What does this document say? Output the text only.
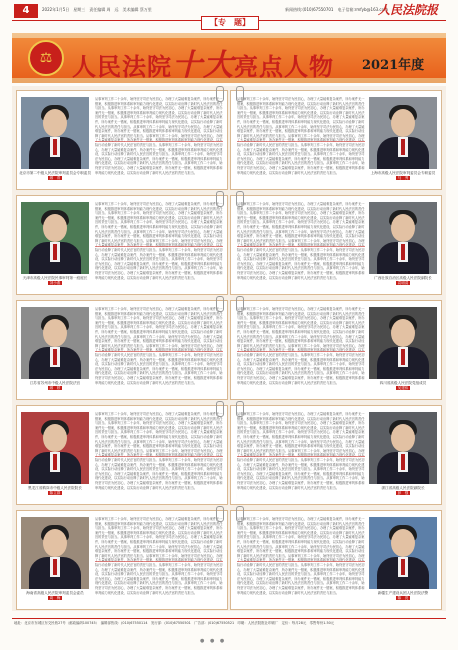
4	2022年1月5日　星期三　责任编辑 周　远　美术编辑 蔡万里	新闻热线:(010)67550701　电子信箱:rmfyb@163.com
人民法院报
【专　题】
⚖ 人民法院十大亮点人物 2021年度
地址：北京市东城区东交民巷27号（邮政编码100745）　编辑部热线：(010)67550114　发行部：(010)67550501　广告部：(010)67550521　印刷：人民法院报社印刷厂　定价：每月28元　零售每份1.50元
● ● ●
北京市第二中级人民法院审判委员会专职委员
顾　青
从事审判工作二十余年，始终坚守司法为民初心，办理了大量疑难复杂案件，所办案件无一错案，积极推进审判体系和审判能力现代化建设，以实际行动诠释了新时代人民法官的责任与担当。从事审判工作二十余年，始终坚守司法为民初心，办理了大量疑难复杂案件，所办案件无一错案，积极推进审判体系和审判能力现代化建设，以实际行动诠释了新时代人民法官的责任与担当。从事审判工作二十余年，始终坚守司法为民初心，办理了大量疑难复杂案件，所办案件无一错案，积极推进审判体系和审判能力现代化建设，以实际行动诠释了新时代人民法官的责任与担当。从事审判工作二十余年，始终坚守司法为民初心，办理了大量疑难复杂案件，所办案件无一错案，积极推进审判体系和审判能力现代化建设，以实际行动诠释了新时代人民法官的责任与担当。从事审判工作二十余年，始终坚守司法为民初心，办理 际行动诠释了新时代人民法官的责任与担当。从事审判工作二十余年，始终坚守司法为民初心，办理了大量疑难复杂案件，所办案件无一错案，积极推进审判体系和审判能力现代化建设，以实际行动诠释了新时代人民法官的责任与担当。从事审判工作二十余年，始终坚守司法为民初心，办理了大量疑难复杂案件，所办案件无一错案，积极推进审判体系和审判能力现代化建设，以实际行动诠释了新时代人民法官的责任与担当。从事审判工作二十余年，始终坚守司法为民初心，办理了大量疑难复杂案件，所办案件无一错案，积极推进审判体系和审判能力现代化建设，以实际行动诠释了新时代人民法官的责任与担当。	上海市高级人民法院审判委员会专职委员
马　秀
从事审判工作二十余年，始终坚守司法为民初心，办理了大量疑难复杂案件，所办案件无一错案，积极推进审判体系和审判能力现代化建设，以实际行动诠释了新时代人民法官的责任与担当。从事审判工作二十余年，始终坚守司法为民初心，办理了大量疑难复杂案件，所办案件无一错案，积极推进审判体系和审判能力现代化建设，以实际行动诠释了新时代人民法官的责任与担当。从事审判工作二十余年，始终坚守司法为民初心，办理了大量疑难复杂案件，所办案件无一错案，积极推进审判体系和审判能力现代化建设，以实际行动诠释了新时代人民法官的责任与担当。从事审判工作二十余年，始终坚守司法为民初心，办理了大量疑难复杂案件，所办案件无一错案，积极推进审判体系和审判能力现代化建设，以实际行动诠释了新时代人民法官的责任与担当。从事审判工作二十余年，始终坚守司法为民初心，办理 际行动诠释了新时代人民法官的责任与担当。从事审判工作二十余年，始终坚守司法为民初心，办理了大量疑难复杂案件，所办案件无一错案，积极推进审判体系和审判能力现代化建设，以实际行动诠释了新时代人民法官的责任与担当。从事审判工作二十余年，始终坚守司法为民初心，办理了大量疑难复杂案件，所办案件无一错案，积极推进审判体系和审判能力现代化建设，以实际行动诠释了新时代人民法官的责任与担当。从事审判工作二十余年，始终坚守司法为民初心，办理了大量疑难复杂案件，所办案件无一错案，积极推进审判体系和审判能力现代化建设，以实际行动诠释了新时代人民法官的责任与担当。
天津市高级人民法院民事审判第一庭庭长
刘小燕
从事审判工作二十余年，始终坚守司法为民初心，办理了大量疑难复杂案件，所办案件无一错案，积极推进审判体系和审判能力现代化建设，以实际行动诠释了新时代人民法官的责任与担当。从事审判工作二十余年，始终坚守司法为民初心，办理了大量疑难复杂案件，所办案件无一错案，积极推进审判体系和审判能力现代化建设，以实际行动诠释了新时代人民法官的责任与担当。从事审判工作二十余年，始终坚守司法为民初心，办理了大量疑难复杂案件，所办案件无一错案，积极推进审判体系和审判能力现代化建设，以实际行动诠释了新时代人民法官的责任与担当。从事审判工作二十余年，始终坚守司法为民初心，办理了大量疑难复杂案件，所办案件无一错案，积极推进审判体系和审判能力现代化建设，以实际行动诠释了新时代人民法官的责任与担当。从事审判工作二十余年，始终坚守司法为民初心，办理 际行动诠释了新时代人民法官的责任与担当。从事审判工作二十余年，始终坚守司法为民初心，办理了大量疑难复杂案件，所办案件无一错案，积极推进审判体系和审判能力现代化建设，以实际行动诠释了新时代人民法官的责任与担当。从事审判工作二十余年，始终坚守司法为民初心，办理了大量疑难复杂案件，所办案件无一错案，积极推进审判体系和审判能力现代化建设，以实际行动诠释了新时代人民法官的责任与担当。从事审判工作二十余年，始终坚守司法为民初心，办理了大量疑难复杂案件，所办案件无一错案，积极推进审判体系和审判能力现代化建设，以实际行动诠释了新时代人民法官的责任与担当。	广西壮族自治区高级人民法院副院长
袁明清
从事审判工作二十余年，始终坚守司法为民初心，办理了大量疑难复杂案件，所办案件无一错案，积极推进审判体系和审判能力现代化建设，以实际行动诠释了新时代人民法官的责任与担当。从事审判工作二十余年，始终坚守司法为民初心，办理了大量疑难复杂案件，所办案件无一错案，积极推进审判体系和审判能力现代化建设，以实际行动诠释了新时代人民法官的责任与担当。从事审判工作二十余年，始终坚守司法为民初心，办理了大量疑难复杂案件，所办案件无一错案，积极推进审判体系和审判能力现代化建设，以实际行动诠释了新时代人民法官的责任与担当。从事审判工作二十余年，始终坚守司法为民初心，办理了大量疑难复杂案件，所办案件无一错案，积极推进审判体系和审判能力现代化建设，以实际行动诠释了新时代人民法官的责任与担当。从事审判工作二十余年，始终坚守司法为民初心，办理 际行动诠释了新时代人民法官的责任与担当。从事审判工作二十余年，始终坚守司法为民初心，办理了大量疑难复杂案件，所办案件无一错案，积极推进审判体系和审判能力现代化建设，以实际行动诠释了新时代人民法官的责任与担当。从事审判工作二十余年，始终坚守司法为民初心，办理了大量疑难复杂案件，所办案件无一错案，积极推进审判体系和审判能力现代化建设，以实际行动诠释了新时代人民法官的责任与担当。从事审判工作二十余年，始终坚守司法为民初心，办理了大量疑难复杂案件，所办案件无一错案，积极推进审判体系和审判能力现代化建设，以实际行动诠释了新时代人民法官的责任与担当。
江苏省苏州市中级人民法院法官
顾　婷
从事审判工作二十余年，始终坚守司法为民初心，办理了大量疑难复杂案件，所办案件无一错案，积极推进审判体系和审判能力现代化建设，以实际行动诠释了新时代人民法官的责任与担当。从事审判工作二十余年，始终坚守司法为民初心，办理了大量疑难复杂案件，所办案件无一错案，积极推进审判体系和审判能力现代化建设，以实际行动诠释了新时代人民法官的责任与担当。从事审判工作二十余年，始终坚守司法为民初心，办理了大量疑难复杂案件，所办案件无一错案，积极推进审判体系和审判能力现代化建设，以实际行动诠释了新时代人民法官的责任与担当。从事审判工作二十余年，始终坚守司法为民初心，办理了大量疑难复杂案件，所办案件无一错案，积极推进审判体系和审判能力现代化建设，以实际行动诠释了新时代人民法官的责任与担当。从事审判工作二十余年，始终坚守司法为民初心，办理 际行动诠释了新时代人民法官的责任与担当。从事审判工作二十余年，始终坚守司法为民初心，办理了大量疑难复杂案件，所办案件无一错案，积极推进审判体系和审判能力现代化建设，以实际行动诠释了新时代人民法官的责任与担当。从事审判工作二十余年，始终坚守司法为民初心，办理了大量疑难复杂案件，所办案件无一错案，积极推进审判体系和审判能力现代化建设，以实际行动诠释了新时代人民法官的责任与担当。从事审判工作二十余年，始终坚守司法为民初心，办理了大量疑难复杂案件，所办案件无一错案，积极推进审判体系和审判能力现代化建设，以实际行动诠释了新时代人民法官的责任与担当。	四川省高级人民法院党组成员
吴建伟
从事审判工作二十余年，始终坚守司法为民初心，办理了大量疑难复杂案件，所办案件无一错案，积极推进审判体系和审判能力现代化建设，以实际行动诠释了新时代人民法官的责任与担当。从事审判工作二十余年，始终坚守司法为民初心，办理了大量疑难复杂案件，所办案件无一错案，积极推进审判体系和审判能力现代化建设，以实际行动诠释了新时代人民法官的责任与担当。从事审判工作二十余年，始终坚守司法为民初心，办理了大量疑难复杂案件，所办案件无一错案，积极推进审判体系和审判能力现代化建设，以实际行动诠释了新时代人民法官的责任与担当。从事审判工作二十余年，始终坚守司法为民初心，办理了大量疑难复杂案件，所办案件无一错案，积极推进审判体系和审判能力现代化建设，以实际行动诠释了新时代人民法官的责任与担当。从事审判工作二十余年，始终坚守司法为民初心，办理 际行动诠释了新时代人民法官的责任与担当。从事审判工作二十余年，始终坚守司法为民初心，办理了大量疑难复杂案件，所办案件无一错案，积极推进审判体系和审判能力现代化建设，以实际行动诠释了新时代人民法官的责任与担当。从事审判工作二十余年，始终坚守司法为民初心，办理了大量疑难复杂案件，所办案件无一错案，积极推进审判体系和审判能力现代化建设，以实际行动诠释了新时代人民法官的责任与担当。从事审判工作二十余年，始终坚守司法为民初心，办理了大量疑难复杂案件，所办案件无一错案，积极推进审判体系和审判能力现代化建设，以实际行动诠释了新时代人民法官的责任与担当。
黑龙江省鹤岗市中级人民法院院长
陈立群
从事审判工作二十余年，始终坚守司法为民初心，办理了大量疑难复杂案件，所办案件无一错案，积极推进审判体系和审判能力现代化建设，以实际行动诠释了新时代人民法官的责任与担当。从事审判工作二十余年，始终坚守司法为民初心，办理了大量疑难复杂案件，所办案件无一错案，积极推进审判体系和审判能力现代化建设，以实际行动诠释了新时代人民法官的责任与担当。从事审判工作二十余年，始终坚守司法为民初心，办理了大量疑难复杂案件，所办案件无一错案，积极推进审判体系和审判能力现代化建设，以实际行动诠释了新时代人民法官的责任与担当。从事审判工作二十余年，始终坚守司法为民初心，办理了大量疑难复杂案件，所办案件无一错案，积极推进审判体系和审判能力现代化建设，以实际行动诠释了新时代人民法官的责任与担当。从事审判工作二十余年，始终坚守司法为民初心，办理 际行动诠释了新时代人民法官的责任与担当。从事审判工作二十余年，始终坚守司法为民初心，办理了大量疑难复杂案件，所办案件无一错案，积极推进审判体系和审判能力现代化建设，以实际行动诠释了新时代人民法官的责任与担当。从事审判工作二十余年，始终坚守司法为民初心，办理了大量疑难复杂案件，所办案件无一错案，积极推进审判体系和审判能力现代化建设，以实际行动诠释了新时代人民法官的责任与担当。从事审判工作二十余年，始终坚守司法为民初心，办理了大量疑难复杂案件，所办案件无一错案，积极推进审判体系和审判能力现代化建设，以实际行动诠释了新时代人民法官的责任与担当。	浙江省高级人民法院副院长
彭　强
从事审判工作二十余年，始终坚守司法为民初心，办理了大量疑难复杂案件，所办案件无一错案，积极推进审判体系和审判能力现代化建设，以实际行动诠释了新时代人民法官的责任与担当。从事审判工作二十余年，始终坚守司法为民初心，办理了大量疑难复杂案件，所办案件无一错案，积极推进审判体系和审判能力现代化建设，以实际行动诠释了新时代人民法官的责任与担当。从事审判工作二十余年，始终坚守司法为民初心，办理了大量疑难复杂案件，所办案件无一错案，积极推进审判体系和审判能力现代化建设，以实际行动诠释了新时代人民法官的责任与担当。从事审判工作二十余年，始终坚守司法为民初心，办理了大量疑难复杂案件，所办案件无一错案，积极推进审判体系和审判能力现代化建设，以实际行动诠释了新时代人民法官的责任与担当。从事审判工作二十余年，始终坚守司法为民初心，办理 际行动诠释了新时代人民法官的责任与担当。从事审判工作二十余年，始终坚守司法为民初心，办理了大量疑难复杂案件，所办案件无一错案，积极推进审判体系和审判能力现代化建设，以实际行动诠释了新时代人民法官的责任与担当。从事审判工作二十余年，始终坚守司法为民初心，办理了大量疑难复杂案件，所办案件无一错案，积极推进审判体系和审判能力现代化建设，以实际行动诠释了新时代人民法官的责任与担当。从事审判工作二十余年，始终坚守司法为民初心，办理了大量疑难复杂案件，所办案件无一错案，积极推进审判体系和审判能力现代化建设，以实际行动诠释了新时代人民法官的责任与担当。
海南省高级人民法院审判委员会委员
周　梅
从事审判工作二十余年，始终坚守司法为民初心，办理了大量疑难复杂案件，所办案件无一错案，积极推进审判体系和审判能力现代化建设，以实际行动诠释了新时代人民法官的责任与担当。从事审判工作二十余年，始终坚守司法为民初心，办理了大量疑难复杂案件，所办案件无一错案，积极推进审判体系和审判能力现代化建设，以实际行动诠释了新时代人民法官的责任与担当。从事审判工作二十余年，始终坚守司法为民初心，办理了大量疑难复杂案件，所办案件无一错案，积极推进审判体系和审判能力现代化建设，以实际行动诠释了新时代人民法官的责任与担当。从事审判工作二十余年，始终坚守司法为民初心，办理了大量疑难复杂案件，所办案件无一错案，积极推进审判体系和审判能力现代化建设，以实际行动诠释了新时代人民法官的责任与担当。从事审判工作二十余年，始终坚守司法为民初心，办理 际行动诠释了新时代人民法官的责任与担当。从事审判工作二十余年，始终坚守司法为民初心，办理了大量疑难复杂案件，所办案件无一错案，积极推进审判体系和审判能力现代化建设，以实际行动诠释了新时代人民法官的责任与担当。从事审判工作二十余年，始终坚守司法为民初心，办理了大量疑难复杂案件，所办案件无一错案，积极推进审判体系和审判能力现代化建设，以实际行动诠释了新时代人民法官的责任与担当。从事审判工作二十余年，始终坚守司法为民初心，办理了大量疑难复杂案件，所办案件无一错案，积极推进审判体系和审判能力现代化建设，以实际行动诠释了新时代人民法官的责任与担当。	新疆生产建设兵团人民法院法警
陈　亮
从事审判工作二十余年，始终坚守司法为民初心，办理了大量疑难复杂案件，所办案件无一错案，积极推进审判体系和审判能力现代化建设，以实际行动诠释了新时代人民法官的责任与担当。从事审判工作二十余年，始终坚守司法为民初心，办理了大量疑难复杂案件，所办案件无一错案，积极推进审判体系和审判能力现代化建设，以实际行动诠释了新时代人民法官的责任与担当。从事审判工作二十余年，始终坚守司法为民初心，办理了大量疑难复杂案件，所办案件无一错案，积极推进审判体系和审判能力现代化建设，以实际行动诠释了新时代人民法官的责任与担当。从事审判工作二十余年，始终坚守司法为民初心，办理了大量疑难复杂案件，所办案件无一错案，积极推进审判体系和审判能力现代化建设，以实际行动诠释了新时代人民法官的责任与担当。从事审判工作二十余年，始终坚守司法为民初心，办理 际行动诠释了新时代人民法官的责任与担当。从事审判工作二十余年，始终坚守司法为民初心，办理了大量疑难复杂案件，所办案件无一错案，积极推进审判体系和审判能力现代化建设，以实际行动诠释了新时代人民法官的责任与担当。从事审判工作二十余年，始终坚守司法为民初心，办理了大量疑难复杂案件，所办案件无一错案，积极推进审判体系和审判能力现代化建设，以实际行动诠释了新时代人民法官的责任与担当。从事审判工作二十余年，始终坚守司法为民初心，办理了大量疑难复杂案件，所办案件无一错案，积极推进审判体系和审判能力现代化建设，以实际行动诠释了新时代人民法官的责任与担当。
